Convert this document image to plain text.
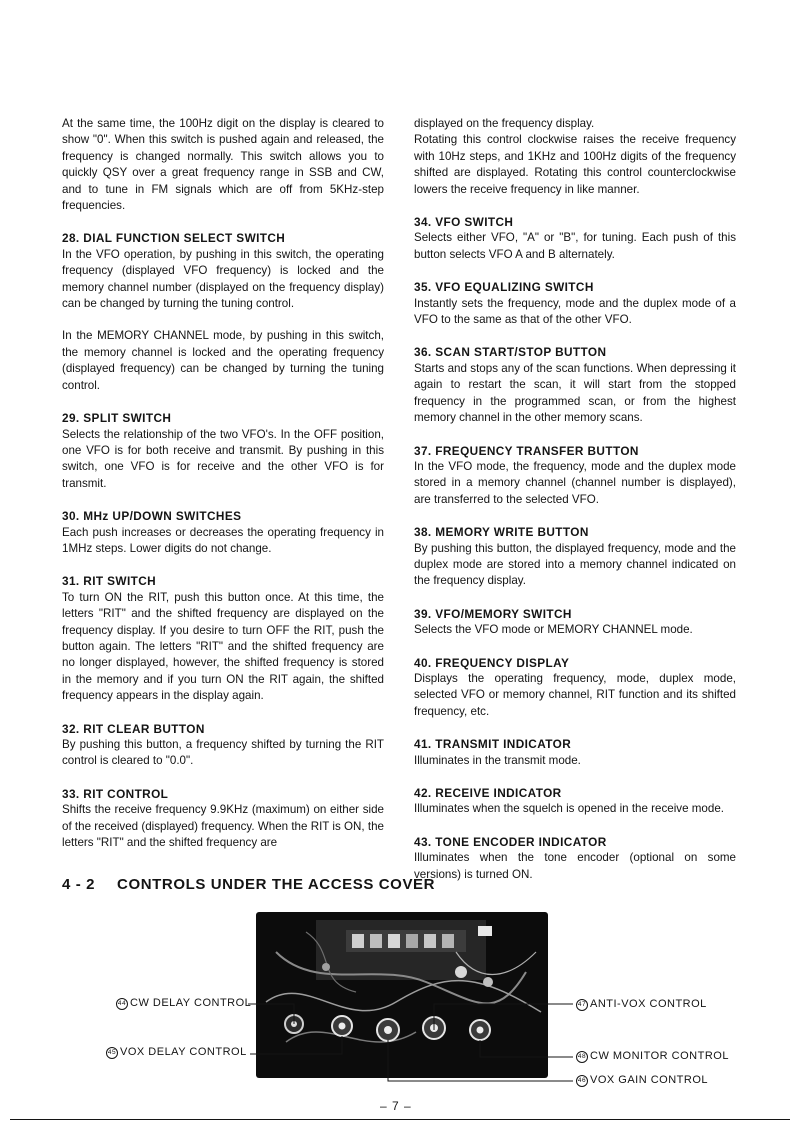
At the same time, the 100Hz digit on the display is cleared to show "0". When this switch is pushed again and released, the frequency is changed normally. This switch allows you to quickly QSY over a great frequency range in SSB and CW, and to tune in FM signals which are off from 5KHz-step frequencies.

28. DIAL FUNCTION SELECT SWITCH

In the VFO operation, by pushing in this switch, the operating frequency (displayed VFO frequency) is locked and the memory channel number (displayed on the frequency display) can be changed by turning the tuning control.

In the MEMORY CHANNEL mode, by pushing in this switch, the memory channel is locked and the operating frequency (displayed frequency) can be changed by turning the tuning control.

29. SPLIT SWITCH

Selects the relationship of the two VFO's. In the OFF position, one VFO is for both receive and transmit. By pushing in this switch, one VFO is for receive and the other VFO is for transmit.

30. MHz UP/DOWN SWITCHES

Each push increases or decreases the operating frequency in 1MHz steps. Lower digits do not change.

31. RIT SWITCH

To turn ON the RIT, push this button once. At this time, the letters "RIT" and the shifted frequency are displayed on the frequency display. If you desire to turn OFF the RIT, push the button again. The letters "RIT" and the shifted frequency are no longer displayed, however, the shifted frequency is stored in the memory and if you turn ON the RIT again, the shifted frequency appears in the display again.

32. RIT CLEAR BUTTON

By pushing this button, a frequency shifted by turning the RIT control is cleared to "0.0".

33. RIT CONTROL

Shifts the receive frequency 9.9KHz (maximum) on either side of the received (displayed) frequency. When the RIT is ON, the letters "RIT" and the shifted frequency are

displayed on the frequency display.

Rotating this control clockwise raises the receive frequency with 10Hz steps, and 1KHz and 100Hz digits of the frequency shifted are displayed. Rotating this control counterclockwise lowers the receive frequency in like manner.

34. VFO SWITCH

Selects either VFO, "A" or "B", for tuning. Each push of this button selects VFO A and B alternately.

35. VFO EQUALIZING SWITCH

Instantly sets the frequency, mode and the duplex mode of a VFO to the same as that of the other VFO.

36. SCAN START/STOP BUTTON

Starts and stops any of the scan functions. When depressing it again to restart the scan, it will start from the stopped frequency in the programmed scan, or from the highest memory channel in the other memory scans.

37. FREQUENCY TRANSFER BUTTON

In the VFO mode, the frequency, mode and the duplex mode stored in a memory channel (channel number is displayed), are transferred to the selected VFO.

38. MEMORY WRITE BUTTON

By pushing this button, the displayed frequency, mode and the duplex mode are stored into a memory channel indicated on the frequency display.

39. VFO/MEMORY SWITCH

Selects the VFO mode or MEMORY CHANNEL mode.

40. FREQUENCY DISPLAY

Displays the operating frequency, mode, duplex mode, selected VFO or memory channel, RIT function and its shifted frequency, etc.

41. TRANSMIT INDICATOR

Illuminates in the transmit mode.

42. RECEIVE INDICATOR

Illuminates when the squelch is opened in the receive mode.

43. TONE ENCODER INDICATOR

Illuminates when the tone encoder (optional on some versions) is turned ON.

4 - 2 CONTROLS UNDER THE ACCESS COVER
44 CW DELAY CONTROL
45 VOX DELAY CONTROL
47 ANTI-VOX CONTROL
48 CW MONITOR CONTROL
46 VOX GAIN CONTROL
– 7 –
